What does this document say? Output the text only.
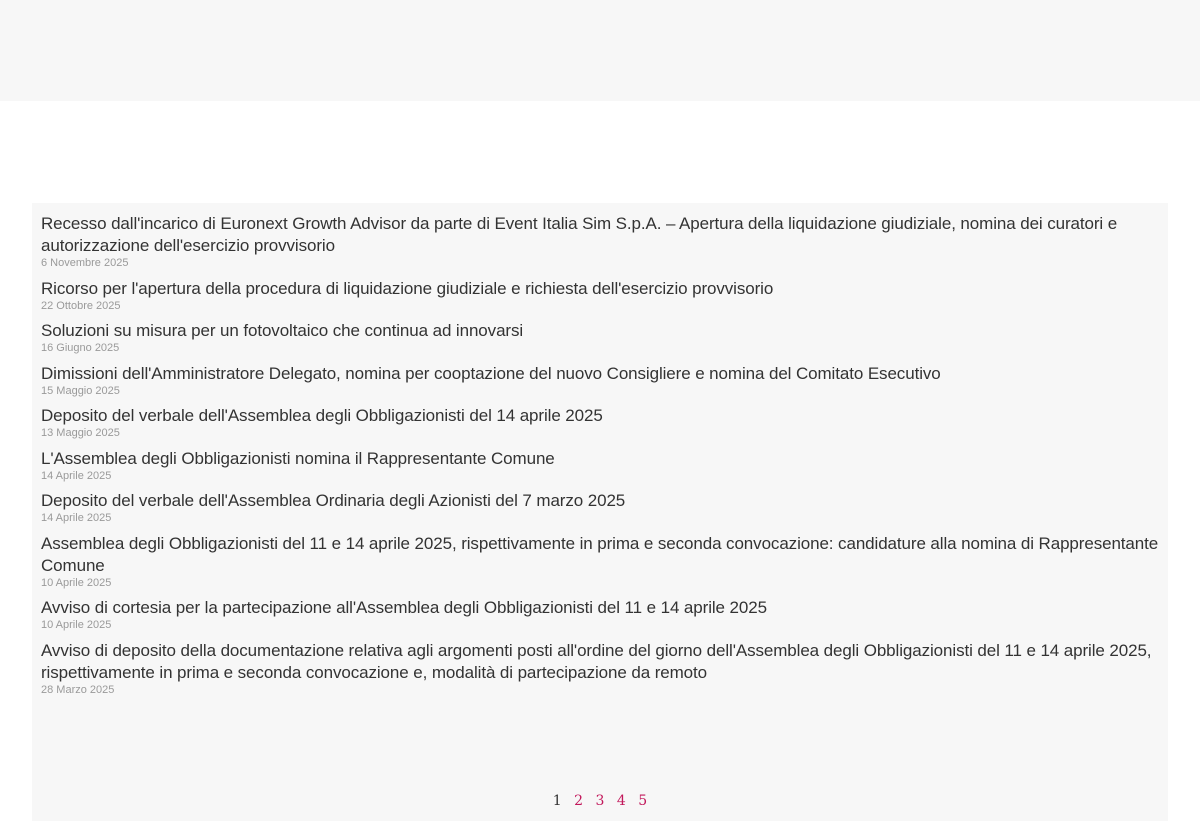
Recesso dall'incarico di Euronext Growth Advisor da parte di Event Italia Sim S.p.A. – Apertura della liquidazione giudiziale, nomina dei curatori e autorizzazione dell'esercizio provvisorio
6 Novembre 2025
Ricorso per l'apertura della procedura di liquidazione giudiziale e richiesta dell'esercizio provvisorio
22 Ottobre 2025
Soluzioni su misura per un fotovoltaico che continua ad innovarsi
16 Giugno 2025
Dimissioni dell'Amministratore Delegato, nomina per cooptazione del nuovo Consigliere e nomina del Comitato Esecutivo
15 Maggio 2025
Deposito del verbale dell'Assemblea degli Obbligazionisti del 14 aprile 2025
13 Maggio 2025
L'Assemblea degli Obbligazionisti nomina il Rappresentante Comune
14 Aprile 2025
Deposito del verbale dell'Assemblea Ordinaria degli Azionisti del 7 marzo 2025
14 Aprile 2025
Assemblea degli Obbligazionisti del 11 e 14 aprile 2025, rispettivamente in prima e seconda convocazione: candidature alla nomina di Rappresentante Comune
10 Aprile 2025
Avviso di cortesia per la partecipazione all'Assemblea degli Obbligazionisti del 11 e 14 aprile 2025
10 Aprile 2025
Avviso di deposito della documentazione relativa agli argomenti posti all'ordine del giorno dell'Assemblea degli Obbligazionisti del 11 e 14 aprile 2025, rispettivamente in prima e seconda convocazione e, modalità di partecipazione da remoto
28 Marzo 2025
1 2 3 4 5
